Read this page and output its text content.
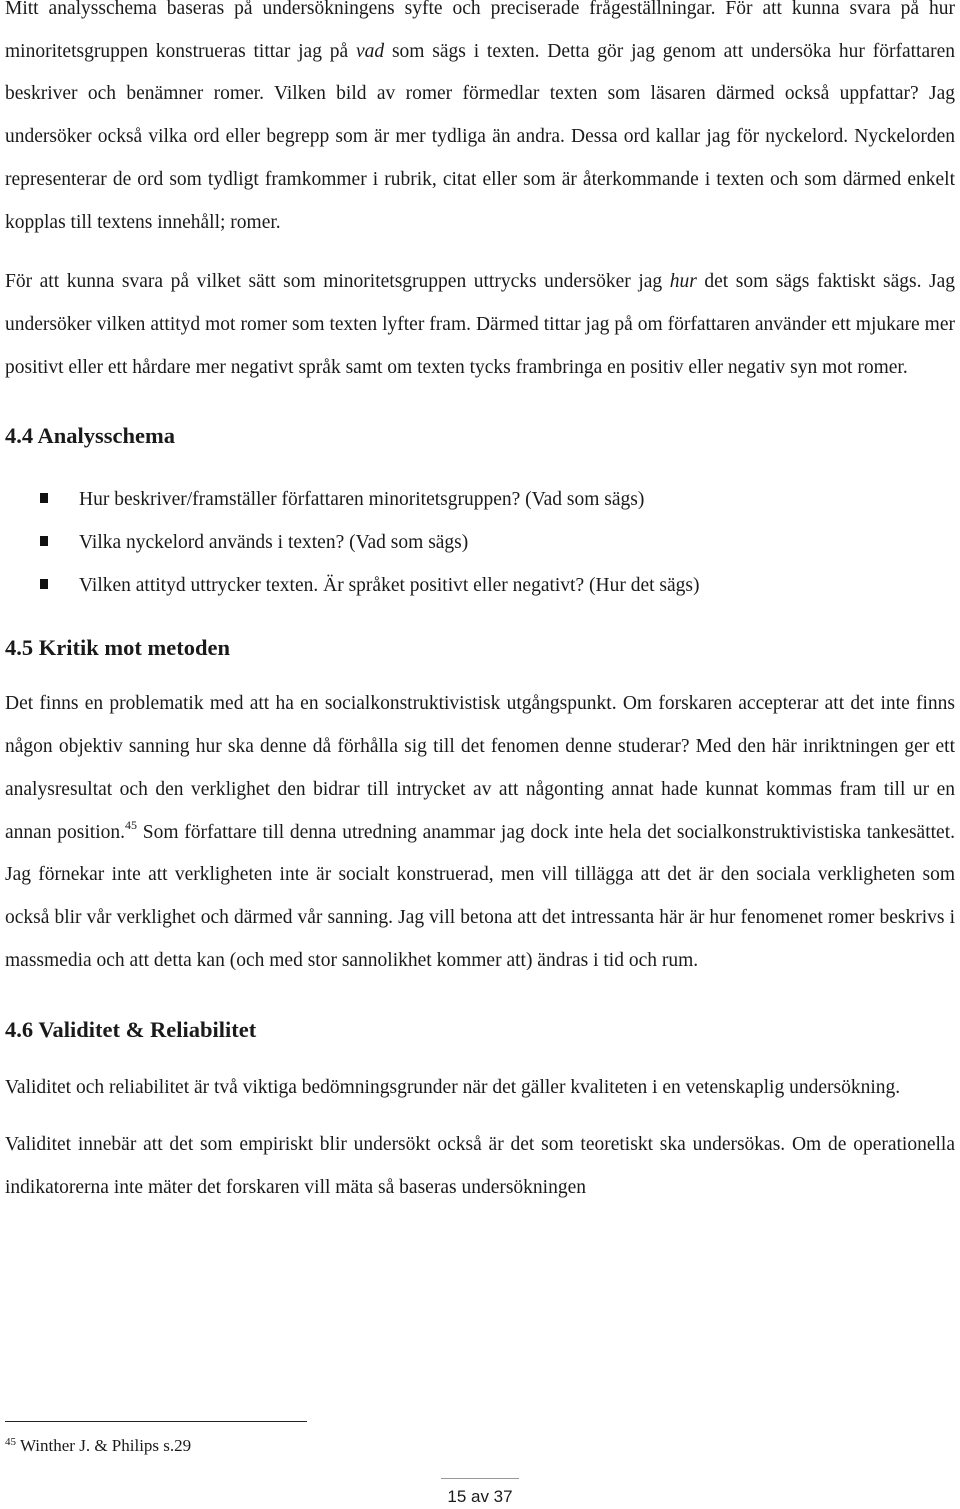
Mitt analysschema baseras på undersökningens syfte och preciserade frågeställningar. För att kunna svara på hur minoritetsgruppen konstrueras tittar jag på vad som sägs i texten. Detta gör jag genom att undersöka hur författaren beskriver och benämner romer. Vilken bild av romer förmedlar texten som läsaren därmed också uppfattar? Jag undersöker också vilka ord eller begrepp som är mer tydliga än andra. Dessa ord kallar jag för nyckelord. Nyckelorden representerar de ord som tydligt framkommer i rubrik, citat eller som är återkommande i texten och som därmed enkelt kopplas till textens innehåll; romer.

För att kunna svara på vilket sätt som minoritetsgruppen uttrycks undersöker jag hur det som sägs faktiskt sägs. Jag undersöker vilken attityd mot romer som texten lyfter fram. Därmed tittar jag på om författaren använder ett mjukare mer positivt eller ett hårdare mer negativt språk samt om texten tycks frambringa en positiv eller negativ syn mot romer.

4.4 Analysschema
Hur beskriver/framställer författaren minoritetsgruppen? (Vad som sägs)
Vilka nyckelord används i texten? (Vad som sägs)
Vilken attityd uttrycker texten. Är språket positivt eller negativt? (Hur det sägs)
4.5 Kritik mot metoden

Det finns en problematik med att ha en socialkonstruktivistisk utgångspunkt. Om forskaren accepterar att det inte finns någon objektiv sanning hur ska denne då förhålla sig till det fenomen denne studerar? Med den här inriktningen ger ett analysresultat och den verklighet den bidrar till intrycket av att någonting annat hade kunnat kommas fram till ur en annan position.$^{45}$ Som författare till denna utredning anammar jag dock inte hela det socialkonstruktivistiska tankesättet. Jag förnekar inte att verkligheten inte är socialt konstruerad, men vill tillägga att det är den sociala verkligheten som också blir vår verklighet och därmed vår sanning. Jag vill betona att det intressanta här är hur fenomenet romer beskrivs i massmedia och att detta kan (och med stor sannolikhet kommer att) ändras i tid och rum.

4.6 Validitet & Reliabilitet

Validitet och reliabilitet är två viktiga bedömningsgrunder när det gäller kvaliteten i en vetenskaplig undersökning.

Validitet innebär att det som empiriskt blir undersökt också är det som teoretiskt ska undersökas. Om de operationella indikatorerna inte mäter det forskaren vill mäta så baseras undersökningen

$^{45}$ Winther J. & Philips s.29
15 av 37
